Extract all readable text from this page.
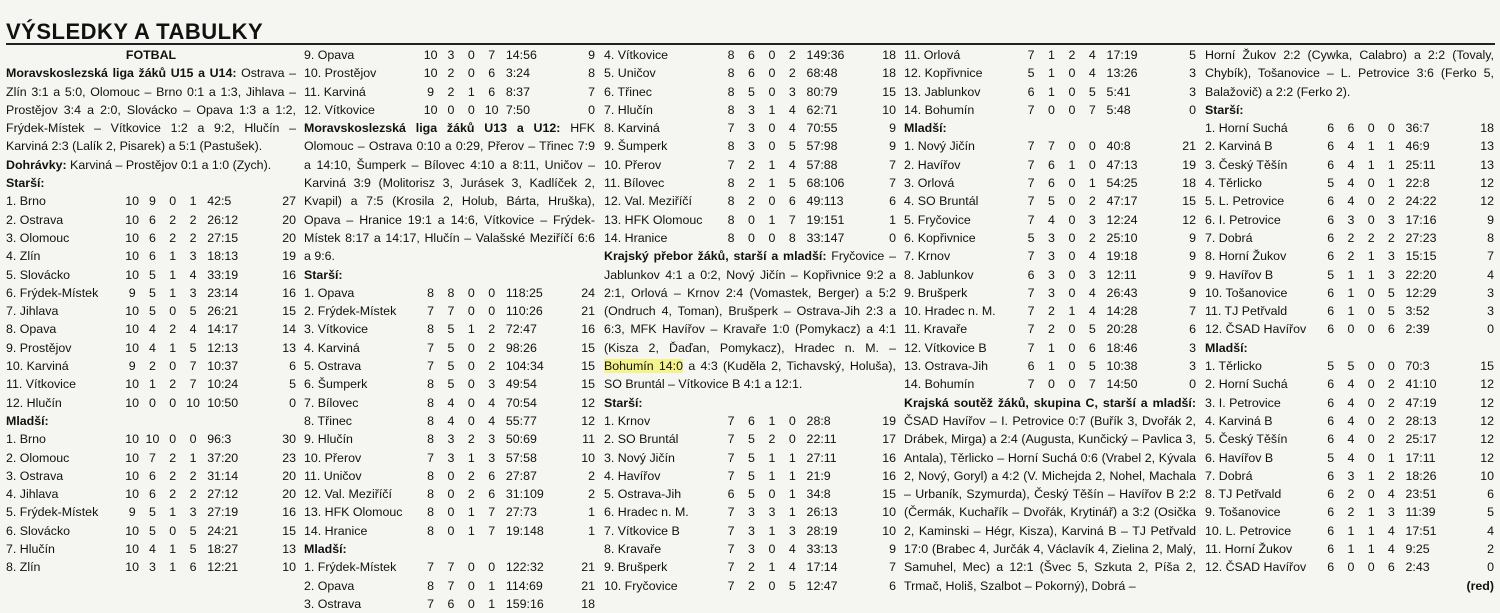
VÝSLEDKY A TABULKY
FOTBAL
Moravskoslezská liga žáků U15 a U14: Ostrava – Zlín 3:1 a 5:0, Olomouc – Brno 0:1 a 1:3, Jihlava – Prostějov 3:4 a 2:0, Slovácko – Opava 1:3 a 1:2, Frýdek-Místek – Vítkovice 1:2 a 9:2, Hlučín – Karviná 2:3 (Lalík 2, Pisarek) a 5:1 (Pastušek).
Dohrávky: Karviná – Prostějov 0:1 a 1:0 (Zych).
Starší:
1. Brno	10	9	0	1	42:5	27
2. Ostrava	10	6	2	2	26:12	20
3. Olomouc	10	6	2	2	27:15	20
4. Zlín	10	6	1	3	18:13	19
5. Slovácko	10	5	1	4	33:19	16
6. Frýdek-Místek	9	5	1	3	23:14	16
7. Jihlava	10	5	0	5	26:21	15
8. Opava	10	4	2	4	14:17	14
9. Prostějov	10	4	1	5	12:13	13
10. Karviná	9	2	0	7	10:37	6
11. Vítkovice	10	1	2	7	10:24	5
12. Hlučín	10	0	0	10	10:50	0
Mladší:
1. Brno	10	10	0	0	96:3	30
2. Olomouc	10	7	2	1	37:20	23
3. Ostrava	10	6	2	2	31:14	20
4. Jihlava	10	6	2	2	27:12	20
5. Frýdek-Místek	9	5	1	3	27:19	16
6. Slovácko	10	5	0	5	24:21	15
7. Hlučín	10	4	1	5	18:27	13
8. Zlín	10	3	1	6	12:21	10
9. Opava	10	3	0	7	14:56	9
10. Prostějov	10	2	0	6	3:24	8
11. Karviná	9	2	1	6	8:37	7
12. Vítkovice	10	0	0	10	7:50	0
Moravskoslezská liga žáků U13 a U12: HFK Olomouc – Ostrava 0:10 a 0:29, Přerov – Třinec 7:9 a 14:10, Šumperk – Bílovec 4:10 a 8:11, Uničov – Karviná 3:9 (Molitorisz 3, Jurásek 3, Kadlíček 2, Kvapil) a 7:5 (Krosila 2, Holub, Bárta, Hruška), Opava – Hranice 19:1 a 14:6, Vítkovice – Frýdek-Místek 8:17 a 14:17, Hlučín – Valašské Meziříčí 6:6 a 9:6.
Starší:
1. Opava	8	8	0	0	118:25	24
2. Frýdek-Místek	7	7	0	0	110:26	21
3. Vítkovice	8	5	1	2	72:47	16
4. Karviná	7	5	0	2	98:26	15
5. Ostrava	7	5	0	2	104:34	15
6. Šumperk	8	5	0	3	49:54	15
7. Bílovec	8	4	0	4	70:54	12
8. Třinec	8	4	0	4	55:77	12
9. Hlučín	8	3	2	3	50:69	11
10. Přerov	7	3	1	3	57:58	10
11. Uničov	8	0	2	6	27:87	2
12. Val. Meziříčí	8	0	2	6	31:109	2
13. HFK Olomouc	8	0	1	7	27:73	1
14. Hranice	8	0	1	7	19:148	1
Mladší:
1. Frýdek-Místek	7	7	0	0	122:32	21
2. Opava	8	7	0	1	114:69	21
3. Ostrava	7	6	0	1	159:16	18
4. Vítkovice	8	6	0	2	149:36	18
5. Uničov	8	6	0	2	68:48	18
6. Třinec	8	5	0	3	80:79	15
7. Hlučín	8	3	1	4	62:71	10
8. Karviná	7	3	0	4	70:55	9
9. Šumperk	8	3	0	5	57:98	9
10. Přerov	7	2	1	4	57:88	7
11. Bílovec	8	2	1	5	68:106	7
12. Val. Meziříčí	8	2	0	6	49:113	6
13. HFK Olomouc	8	0	1	7	19:151	1
14. Hranice	8	0	0	8	33:147	0
Krajský přebor žáků, starší a mladší: Fryčovice – Jablunkov 4:1 a 0:2, Nový Jičín – Kopřivnice 9:2 a 2:1, Orlová – Krnov 2:4 (Vomastek, Berger) a 5:2 (Ondruch 4, Toman), Brušperk – Ostrava-Jih 2:3 a 6:3, MFK Havířov – Kravaře 1:0 (Pomykacz) a 4:1 (Kisza 2, Ďaďan, Pomykacz), Hradec n. M. – Bohumín 14:0 a 4:3 (Kuděla 2, Tichavský, Holuša), SO Bruntál – Vítkovice B 4:1 a 12:1.
Starší:
1. Krnov	7	6	1	0	28:8	19
2. SO Bruntál	7	5	2	0	22:11	17
3. Nový Jičín	7	5	1	1	27:11	16
4. Havířov	7	5	1	1	21:9	16
5. Ostrava-Jih	6	5	0	1	34:8	15
6. Hradec n. M.	7	3	3	1	26:13	10
7. Vítkovice B	7	3	1	3	28:19	10
8. Kravaře	7	3	0	4	33:13	9
9. Brušperk	7	2	1	4	17:14	7
10. Fryčovice	7	2	0	5	12:47	6
11. Orlová	7	1	2	4	17:19	5
12. Kopřivnice	5	1	0	4	13:26	3
13. Jablunkov	6	1	0	5	5:41	3
14. Bohumín	7	0	0	7	5:48	0
Mladší:
1. Nový Jičín	7	7	0	0	40:8	21
2. Havířov	7	6	1	0	47:13	19
3. Orlová	7	6	0	1	54:25	18
4. SO Bruntál	7	5	0	2	47:17	15
5. Fryčovice	7	4	0	3	12:24	12
6. Kopřivnice	5	3	0	2	25:10	9
7. Krnov	7	3	0	4	19:18	9
8. Jablunkov	6	3	0	3	12:11	9
9. Brušperk	7	3	0	4	26:43	9
10. Hradec n. M.	7	2	1	4	14:28	7
11. Kravaře	7	2	0	5	20:28	6
12. Vítkovice B	7	1	0	6	18:46	3
13. Ostrava-Jih	6	1	0	5	10:38	3
14. Bohumín	7	0	0	7	14:50	0
Krajská soutěž žáků, skupina C, starší a mladší: ČSAD Havířov – I. Petrovice 0:7 (Buřík 3, Dvořák 2, Drábek, Mirga) a 2:4 (Augusta, Kunčický – Pavlica 3, Antala), Těrlicko – Horní Suchá 0:6 (Vrabel 2, Kývala 2, Nový, Goryl) a 4:2 (V. Michejda 2, Nohel, Machala – Urbaník, Szymurda), Český Těšín – Havířov B 2:2 (Čermák, Kuchařík – Dvořák, Krytinář) a 3:2 (Osička 2, Kaminski – Hégr, Kisza), Karviná B – TJ Petřvald 17:0 (Brabec 4, Jurčák 4, Václavík 4, Zielina 2, Malý, Samuhel, Mec) a 12:1 (Švec 5, Szkuta 2, Píša 2, Trmač, Holiš, Szalbot – Pokorný), Dobrá –
Horní Žukov 2:2 (Cywka, Calabro) a 2:2 (Tovaly, Chybík), Tošanovice – L. Petrovice 3:6 (Ferko 5, Balažovič) a 2:2 (Ferko 2).
Starší:
1. Horní Suchá	6	6	0	0	36:7	18
2. Karviná B	6	4	1	1	46:9	13
3. Český Těšín	6	4	1	1	25:11	13
4. Těrlicko	5	4	0	1	22:8	12
5. L. Petrovice	6	4	0	2	24:22	12
6. I. Petrovice	6	3	0	3	17:16	9
7. Dobrá	6	2	2	2	27:23	8
8. Horní Žukov	6	2	1	3	15:15	7
9. Havířov B	5	1	1	3	22:20	4
10. Tošanovice	6	1	0	5	12:29	3
11. TJ Petřvald	6	1	0	5	3:52	3
12. ČSAD Havířov	6	0	0	6	2:39	0
Mladší:
1. Těrlicko	5	5	0	0	70:3	15
2. Horní Suchá	6	4	0	2	41:10	12
3. I. Petrovice	6	4	0	2	47:19	12
4. Karviná B	6	4	0	2	28:13	12
5. Český Těšín	6	4	0	2	25:17	12
6. Havířov B	5	4	0	1	17:11	12
7. Dobrá	6	3	1	2	18:26	10
8. TJ Petřvald	6	2	0	4	23:51	6
9. Tošanovice	6	2	1	3	11:39	5
10. L. Petrovice	6	1	1	4	17:51	4
11. Horní Žukov	6	1	1	4	9:25	2
12. ČSAD Havířov	6	0	0	6	2:43	0
(red)
